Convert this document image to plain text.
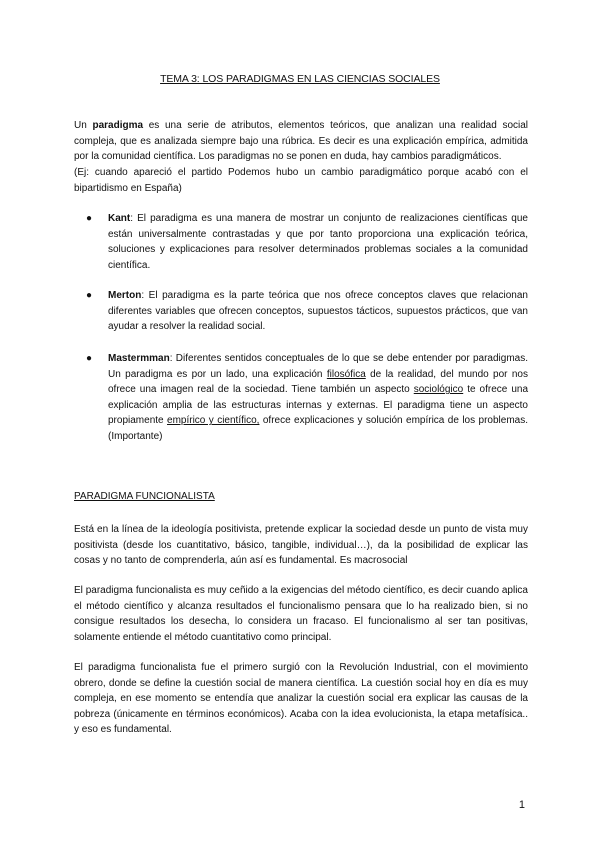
TEMA 3: LOS PARADIGMAS EN LAS CIENCIAS SOCIALES

Un paradigma es una serie de atributos, elementos teóricos, que analizan una realidad social compleja, que es analizada siempre bajo una rúbrica. Es decir es una explicación empírica, admitida por la comunidad científica. Los paradigmas no se ponen en duda, hay cambios paradigmáticos.

(Ej: cuando apareció el partido Podemos hubo un cambio paradigmático porque acabó con el bipartidismo en España)

● Kant: El paradigma es una manera de mostrar un conjunto de realizaciones científicas que están universalmente contrastadas y que por tanto proporciona una explicación teórica, soluciones y explicaciones para resolver determinados problemas sociales a la comunidad científica.
● Merton: El paradigma es la parte teórica que nos ofrece conceptos claves que relacionan diferentes variables que ofrecen conceptos, supuestos tácticos, supuestos prácticos, que van ayudar a resolver la realidad social.
● Mastermman: Diferentes sentidos conceptuales de lo que se debe entender por paradigmas. Un paradigma es por un lado, una explicación filosófica de la realidad, del mundo por nos ofrece una imagen real de la sociedad. Tiene también un aspecto sociológico te ofrece una explicación amplia de las estructuras internas y externas. El paradigma tiene un aspecto propiamente empírico y científico, ofrece explicaciones y solución empírica de los problemas. (Importante)
PARADIGMA FUNCIONALISTA

Está en la línea de la ideología positivista, pretende explicar la sociedad desde un punto de vista muy positivista (desde los cuantitativo, básico, tangible, individual…), da la posibilidad de explicar las cosas y no tanto de comprenderla, aún así es fundamental. Es macrosocial

El paradigma funcionalista es muy ceñido a la exigencias del método científico, es decir cuando aplica el método científico y alcanza resultados el funcionalismo pensara que lo ha realizado bien, si no consigue resultados los desecha, lo considera un fracaso. El funcionalismo al ser tan positivas, solamente entiende el método cuantitativo como principal.

El paradigma funcionalista fue el primero surgió con la Revolución Industrial, con el movimiento obrero, donde se define la cuestión social de manera científica. La cuestión social hoy en día es muy compleja, en ese momento se entendía que analizar la cuestión social era explicar las causas de la pobreza (únicamente en términos económicos). Acaba con la idea evolucionista, la etapa metafísica.. y eso es fundamental.

1
